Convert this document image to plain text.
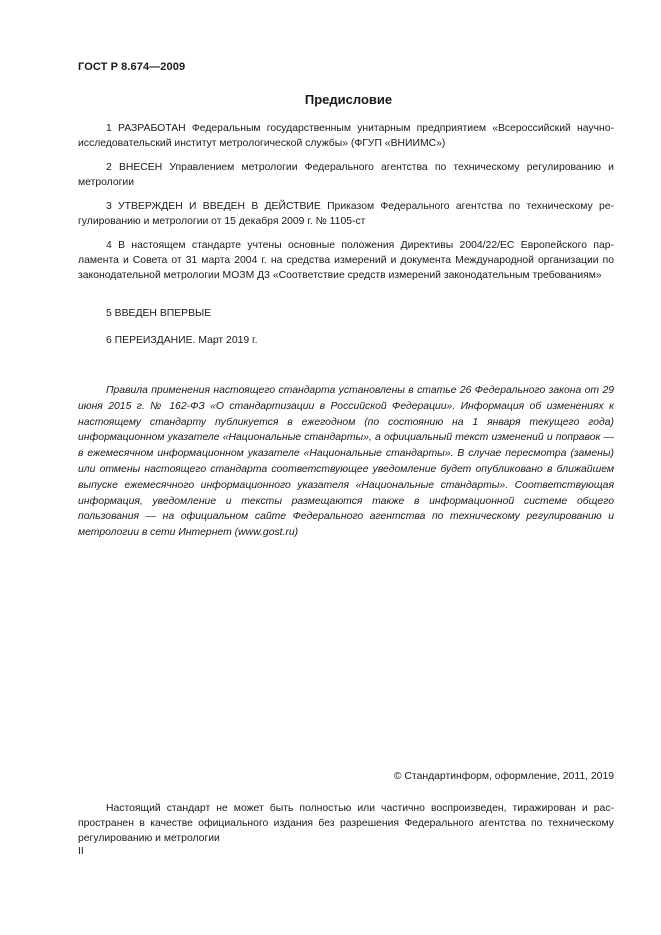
ГОСТ Р 8.674—2009
Предисловие

1 РАЗРАБОТАН Федеральным государственным унитарным предприятием «Всероссийский научно-исследовательский институт метрологической службы» (ФГУП «ВНИИМС»)

2 ВНЕСЕН Управлением метрологии Федерального агентства по техническому регулированию и метрологии

3 УТВЕРЖДЕН И ВВЕДЕН В ДЕЙСТВИЕ Приказом Федерального агентства по техническому регулированию и метрологии от 15 декабря 2009 г. № 1105-ст

4 В настоящем стандарте учтены основные положения Директивы 2004/22/ЕС Европейского парламента и Совета от 31 марта 2004 г. на средства измерений и документа Международной организации по законодательной метрологии МОЗМ Д3 «Соответствие средств измерений законодательным требованиям»

5 ВВЕДЕН ВПЕРВЫЕ

6 ПЕРЕИЗДАНИЕ. Март 2019 г.

Правила применения настоящего стандарта установлены в статье 26 Федерального закона от 29 июня 2015 г. № 162-ФЗ «О стандартизации в Российской Федерации». Информация об изменениях к настоящему стандарту публикуется в ежегодном (по состоянию на 1 января текущего года) информационном указателе «Национальные стандарты», а официальный текст изменений и поправок — в ежемесячном информационном указателе «Национальные стандарты». В случае пересмотра (замены) или отмены настоящего стандарта соответствующее уведомление будет опубликовано в ближайшем выпуске ежемесячного информационного указателя «Национальные стандарты». Соответствующая информация, уведомление и тексты размещаются также в информационной системе общего пользования — на официальном сайте Федерального агентства по техническому регулированию и метрологии в сети Интернет (www.gost.ru)

© Стандартинформ, оформление, 2011, 2019

Настоящий стандарт не может быть полностью или частично воспроизведен, тиражирован и распространен в качестве официального издания без разрешения Федерального агентства по техническому регулированию и метрологии

II
